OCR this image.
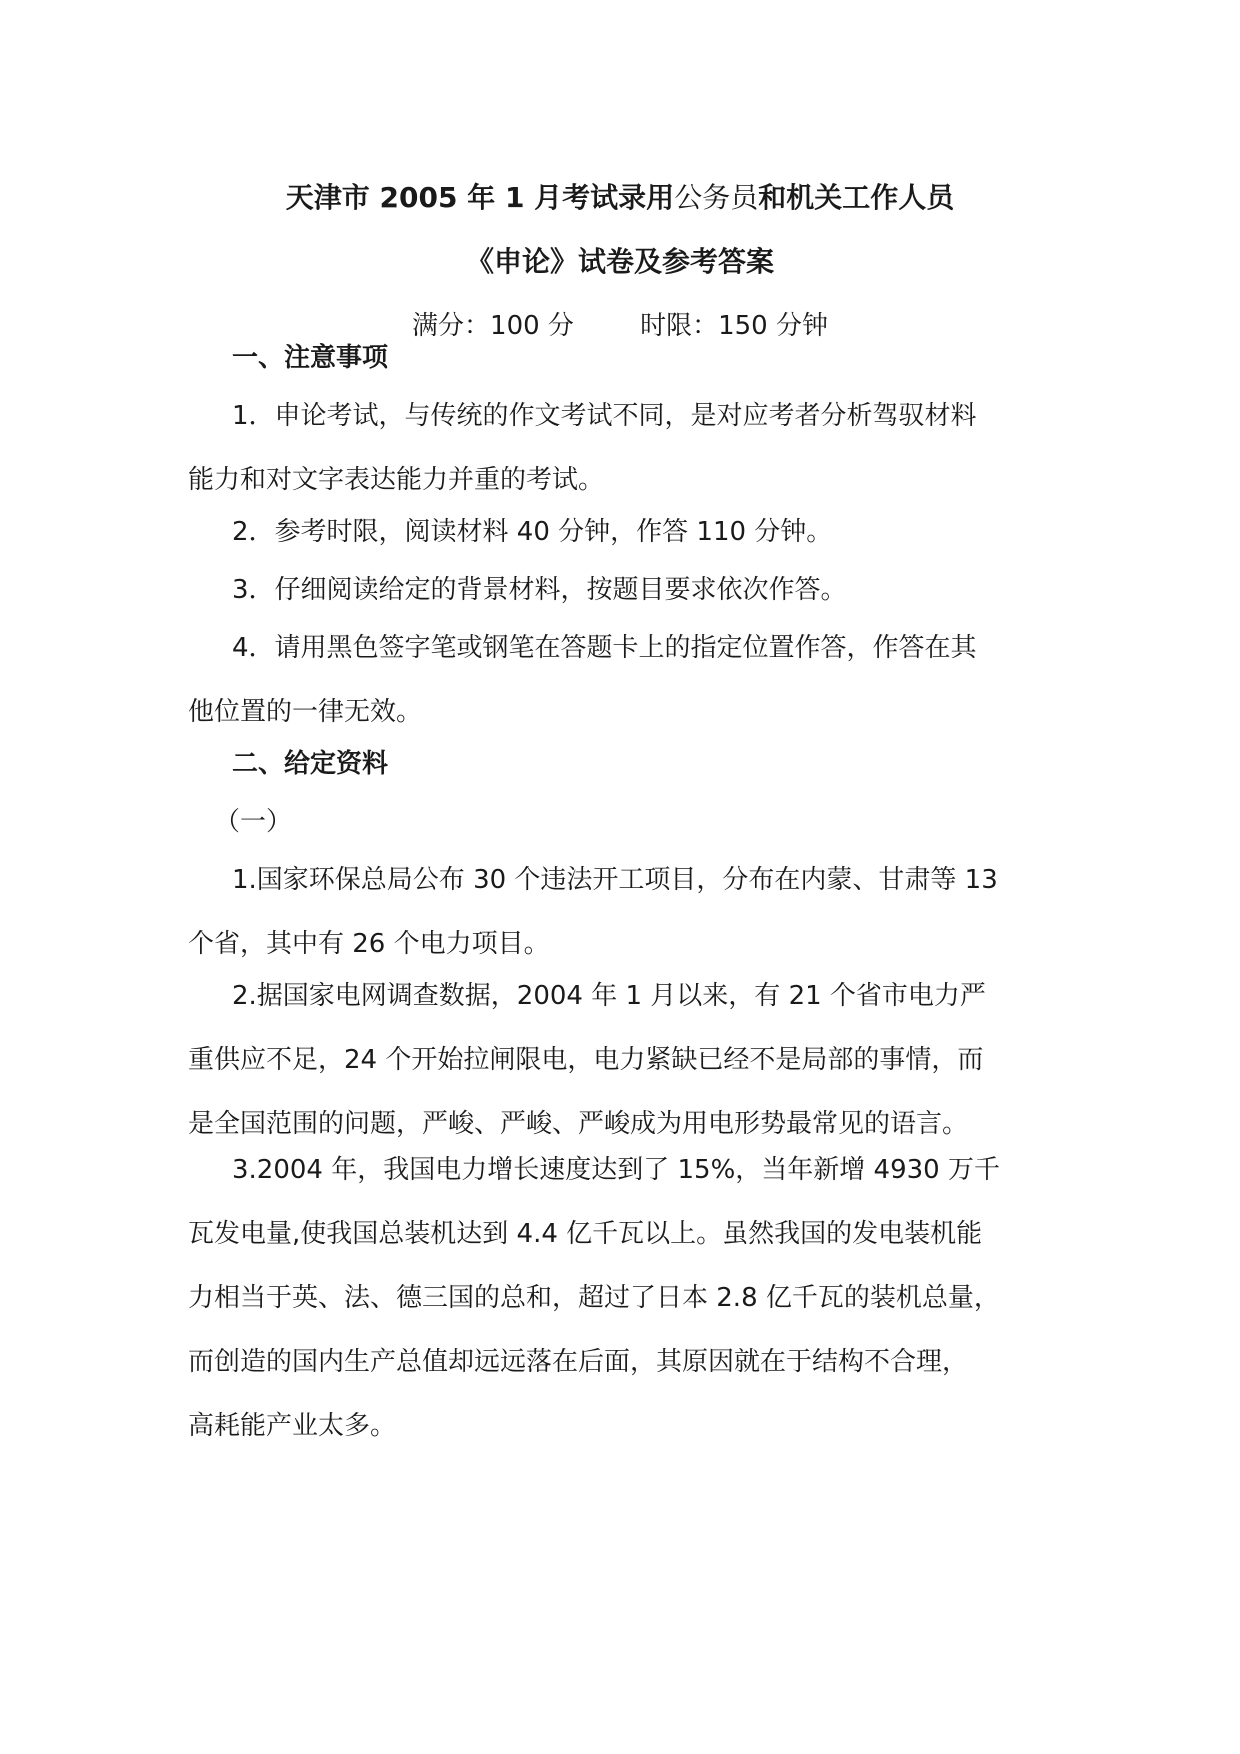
天津市 2005 年 1 月考试录用公务员和机关工作人员
《申论》试卷及参考答案
满分：100 分	时限：150 分钟
一、注意事项
1．申论考试，与传统的作文考试不同，是对应考者分析驾驭材料
能力和对文字表达能力并重的考试。
2．参考时限，阅读材料 40 分钟，作答 110 分钟。
3．仔细阅读给定的背景材料，按题目要求依次作答。
4．请用黑色签字笔或钢笔在答题卡上的指定位置作答，作答在其
他位置的一律无效。
二、给定资料
（一）
1.国家环保总局公布 30 个违法开工项目，分布在内蒙、甘肃等 13
个省，其中有 26 个电力项目。
2.据国家电网调查数据，2004 年 1 月以来，有 21 个省市电力严
重供应不足，24 个开始拉闸限电，电力紧缺已经不是局部的事情，而
是全国范围的问题，严峻、严峻、严峻成为用电形势最常见的语言。
3.2004 年，我国电力增长速度达到了 15%，当年新增 4930 万千
瓦发电量,使我国总装机达到 4.4 亿千瓦以上。虽然我国的发电装机能
力相当于英、法、德三国的总和，超过了日本 2.8 亿千瓦的装机总量，
而创造的国内生产总值却远远落在后面，其原因就在于结构不合理，
高耗能产业太多。
